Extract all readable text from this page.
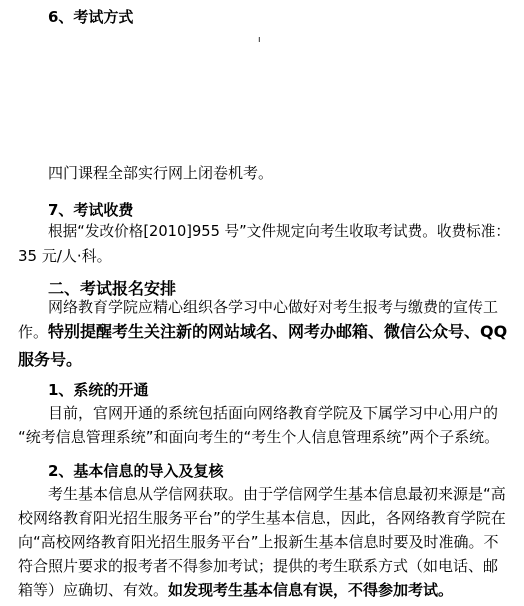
6、考试方式
ı
四门课程全部实行网上闭卷机考。
7、考试收费
根据“发改价格[2010]955 号”文件规定向考生收取考试费。收费标准：
35 元/人·科。
二、考试报名安排
网络教育学院应精心组织各学习中心做好对考生报考与缴费的宣传工
作。特别提醒考生关注新的网站域名、网考办邮箱、微信公众号、QQ
服务号。
1、系统的开通
目前，官网开通的系统包括面向网络教育学院及下属学习中心用户的
“统考信息管理系统”和面向考生的“考生个人信息管理系统”两个子系统。
2、基本信息的导入及复核
考生基本信息从学信网获取。由于学信网学生基本信息最初来源是“高
校网络教育阳光招生服务平台”的学生基本信息，因此，各网络教育学院在
向“高校网络教育阳光招生服务平台”上报新生基本信息时要及时准确。不
符合照片要求的报考者不得参加考试；提供的考生联系方式（如电话、邮
箱等）应确切、有效。如发现考生基本信息有误，不得参加考试。
